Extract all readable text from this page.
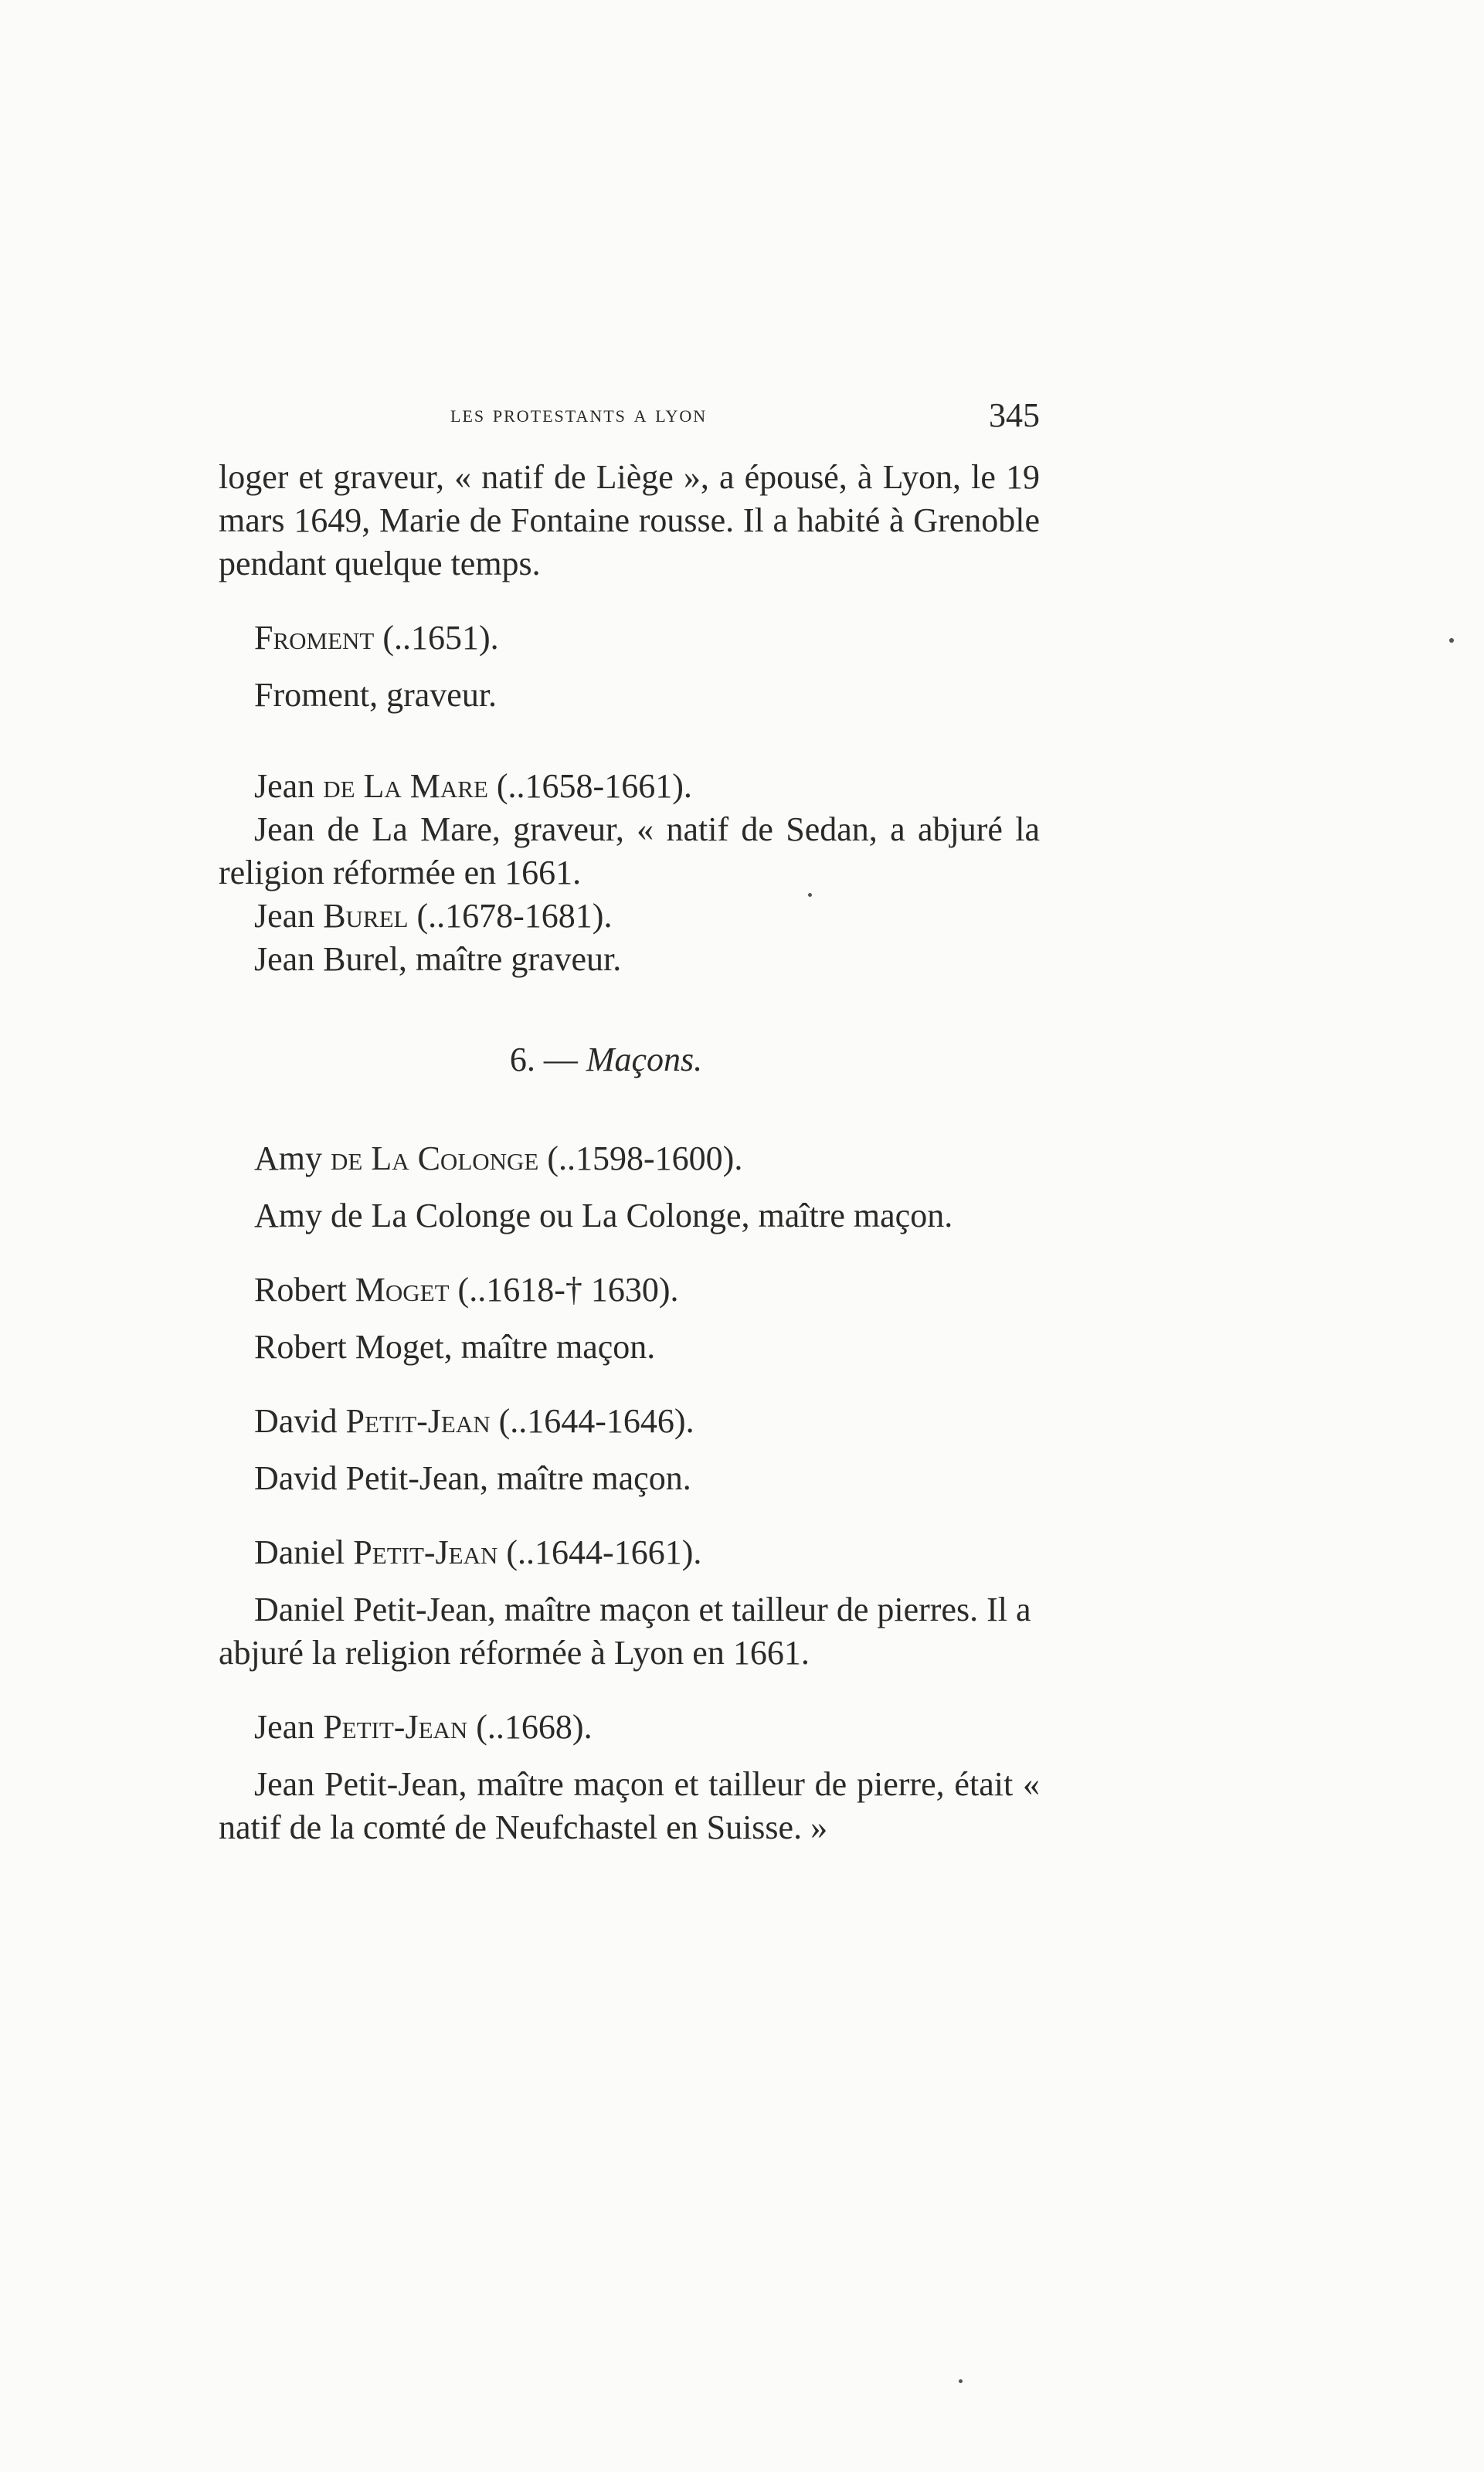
les protestants a lyon	345

loger et graveur, « natif de Liège », a épousé, à Lyon, le 19 mars 1649, Marie de Fontaine rousse. Il a habité à Grenoble pendant quelque temps.

Froment (..1651).

Froment, graveur.

Jean de La Mare (..1658-1661).

Jean de La Mare, graveur, « natif de Sedan, a abjuré la religion réformée en 1661.

Jean Burel (..1678-1681).

Jean Burel, maître graveur.

6. — Maçons.

Amy de La Colonge (..1598-1600).

Amy de La Colonge ou La Colonge, maître maçon.

Robert Moget (..1618-† 1630).

Robert Moget, maître maçon.

David Petit-Jean (..1644-1646).

David Petit-Jean, maître maçon.

Daniel Petit-Jean (..1644-1661).

Daniel Petit-Jean, maître maçon et tailleur de pierres. Il a abjuré la religion réformée à Lyon en 1661.

Jean Petit-Jean (..1668).

Jean Petit-Jean, maître maçon et tailleur de pierre, était « natif de la comté de Neufchastel en Suisse. »
